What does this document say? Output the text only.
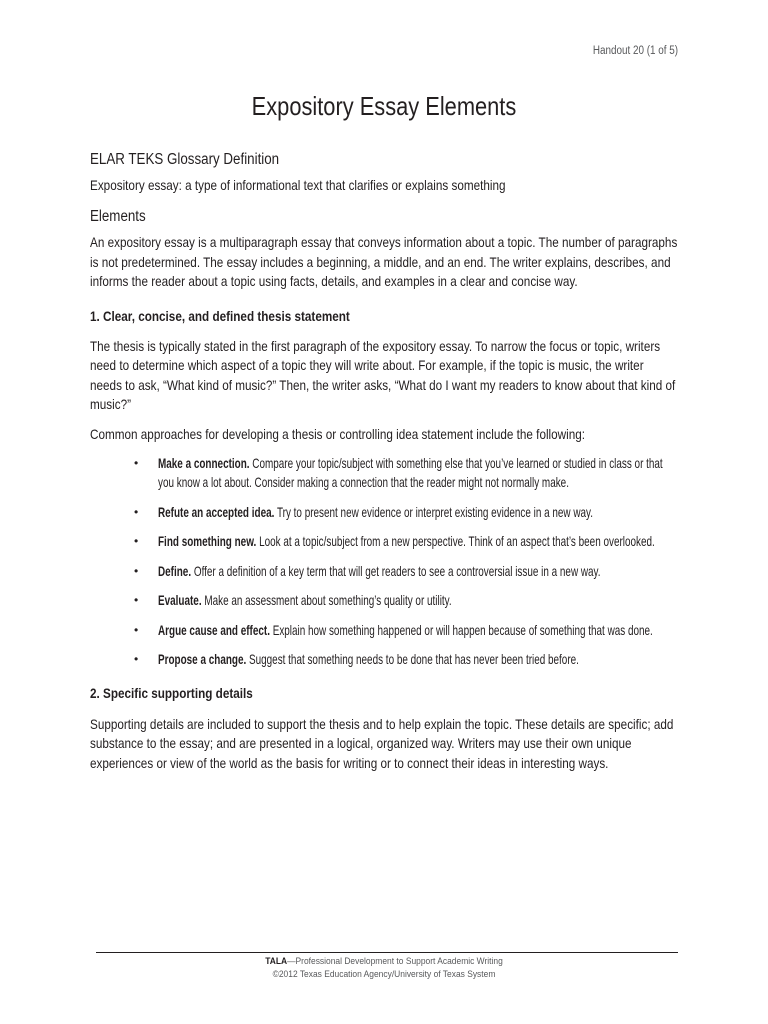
Handout 20 (1 of 5)
Expository Essay Elements
ELAR TEKS Glossary Definition

Expository essay: a type of informational text that clarifies or explains something

Elements

An expository essay is a multiparagraph essay that conveys information about a topic. The number of paragraphs is not predetermined. The essay includes a beginning, a middle, and an end. The writer explains, describes, and informs the reader about a topic using facts, details, and examples in a clear and concise way.

1. Clear, concise, and defined thesis statement

The thesis is typically stated in the first paragraph of the expository essay. To narrow the focus or topic, writers need to determine which aspect of a topic they will write about. For example, if the topic is music, the writer needs to ask, “What kind of music?” Then, the writer asks, “What do I want my readers to know about that kind of music?”

Common approaches for developing a thesis or controlling idea statement include the following:

• Make a connection. Compare your topic/subject with something else that you’ve learned or studied in class or that you know a lot about. Consider making a connection that the reader might not normally make.
• Refute an accepted idea. Try to present new evidence or interpret existing evidence in a new way.
• Find something new. Look at a topic/subject from a new perspective. Think of an aspect that’s been overlooked.
• Define. Offer a definition of a key term that will get readers to see a controversial issue in a new way.
• Evaluate. Make an assessment about something’s quality or utility.
• Argue cause and effect. Explain how something happened or will happen because of something that was done.
• Propose a change. Suggest that something needs to be done that has never been tried before.
2. Specific supporting details

Supporting details are included to support the thesis and to help explain the topic. These details are specific; add substance to the essay; and are presented in a logical, organized way. Writers may use their own unique experiences or view of the world as the basis for writing or to connect their ideas in interesting ways.

TALA—Professional Development to Support Academic Writing
©2012 Texas Education Agency/University of Texas System
